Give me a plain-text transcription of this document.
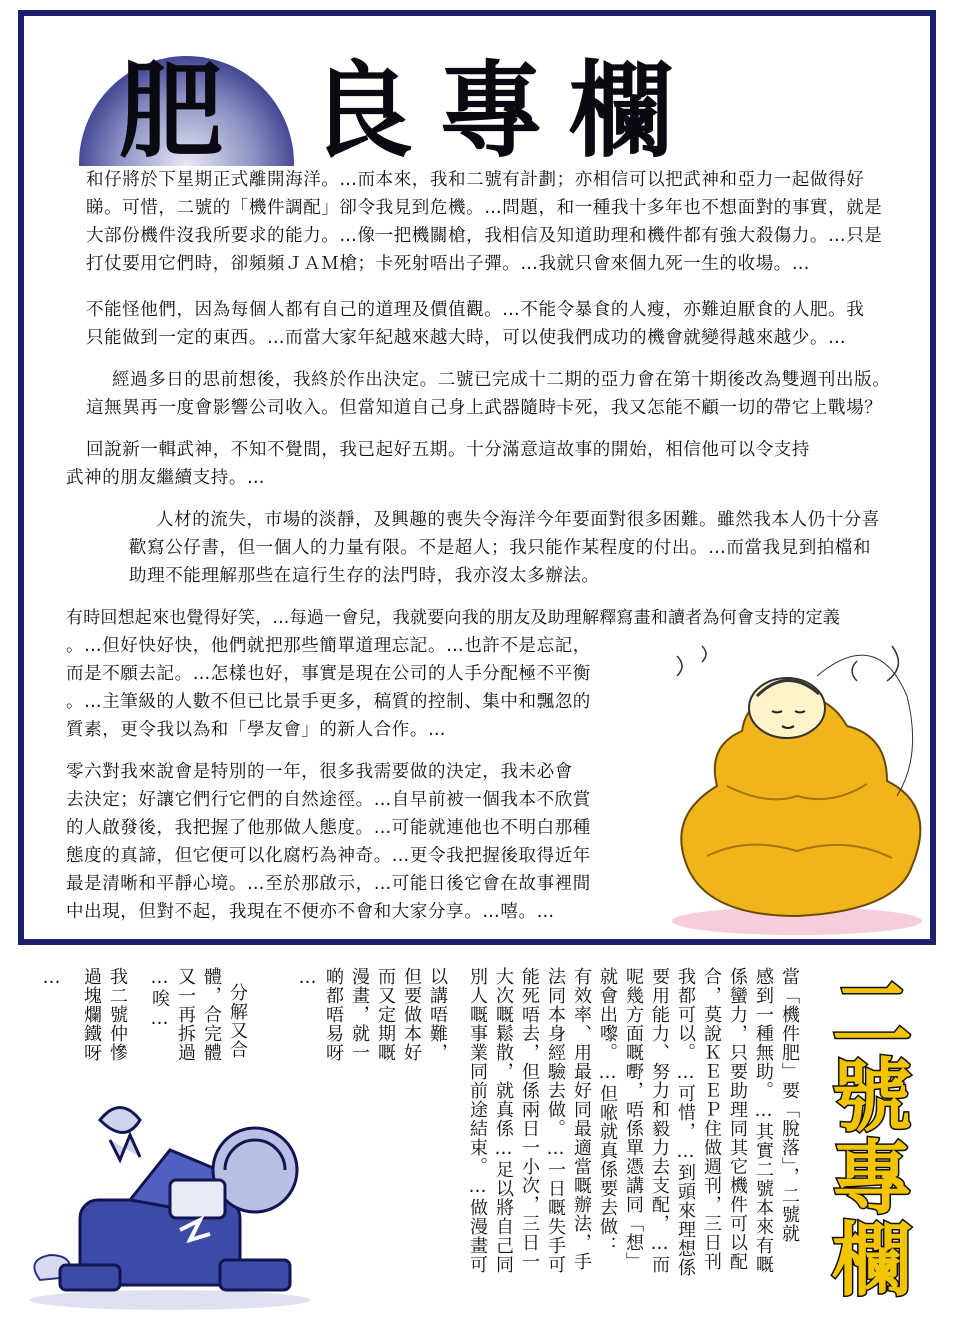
肥 良專欄
和仔將於下星期正式離開海洋。…而本來，我和二號有計劃；亦相信可以把武神和亞力一起做得好
睇。可惜，二號的「機件調配」卻令我見到危機。…問題，和一種我十多年也不想面對的事實，就是
大部份機件沒我所要求的能力。…像一把機關槍，我相信及知道助理和機件都有強大殺傷力。…只是
打仗要用它們時，卻頻頻ＪＡＭ槍；卡死射唔出子彈。…我就只會來個九死一生的收場。…
不能怪他們，因為每個人都有自己的道理及價值觀。…不能令暴食的人瘦，亦難迫厭食的人肥。我
只能做到一定的東西。…而當大家年紀越來越大時，可以使我們成功的機會就變得越來越少。…
經過多日的思前想後，我終於作出決定。二號已完成十二期的亞力會在第十期後改為雙週刊出版。
這無異再一度會影響公司收入。但當知道自己身上武器隨時卡死，我又怎能不顧一切的帶它上戰場？
回說新一輯武神，不知不覺間，我已起好五期。十分滿意這故事的開始，相信他可以令支持
武神的朋友繼續支持。…
人材的流失，市場的淡靜，及興趣的喪失令海洋今年要面對很多困難。雖然我本人仍十分喜
歡寫公仔書，但一個人的力量有限。不是超人；我只能作某程度的付出。…而當我見到拍檔和
助理不能理解那些在這行生存的法門時，我亦沒太多辦法。
有時回想起來也覺得好笑，…每過一會兒，我就要向我的朋友及助理解釋寫畫和讀者為何會支持的定義
。…但好快好快，他們就把那些簡單道理忘記。…也許不是忘記，
而是不願去記。…怎樣也好，事實是現在公司的人手分配極不平衡
。…主筆級的人數不但已比景手更多，稿質的控制、集中和飄忽的
質素，更令我以為和「學友會」的新人合作。…
零六對我來說會是特別的一年，很多我需要做的決定，我未必會
去決定；好讓它們行它們的自然途徑。…自早前被一個我本不欣賞
的人啟發後，我把握了他那做人態度。…可能就連他也不明白那種
態度的真諦，但它便可以化腐朽為神奇。…更令我把握後取得近年
最是清晰和平靜心境。…至於那啟示，…可能日後它會在故事裡間
中出現，但對不起，我現在不便亦不會和大家分享。…嘻。…
二
號
專
欄
當「機件肥」要「脫落」，二號就
感到一種無助。…其實二號本來有嘅
係蠻力，只要助理同其它機件可以配
合，莫說ＫＥＥＰ住做週刊，三日刊
我都可以。…可惜，…到頭來理想係
要用能力、努力和毅力去支配，…而
呢幾方面嘅嘢，唔係單憑講同「想」
就會出嚟。…但𠵱就真係要去做：
有效率、用最好同最適當嘅辦法，手
法同本身經驗去做。…一日嘅失手可
能死唔去，但係兩日一小次，三日一
大次嘅鬆散，就真係…足以將自己同
別人嘅事業同前途結束。…做漫畫可
以講唔難，
但要做本好
而又定期嘅
漫畫，就一
啲都唔易呀
…
分解又合
體，合完體
又一再拆過
…唉…
我二號仲慘
過塊爛鐵呀
…
